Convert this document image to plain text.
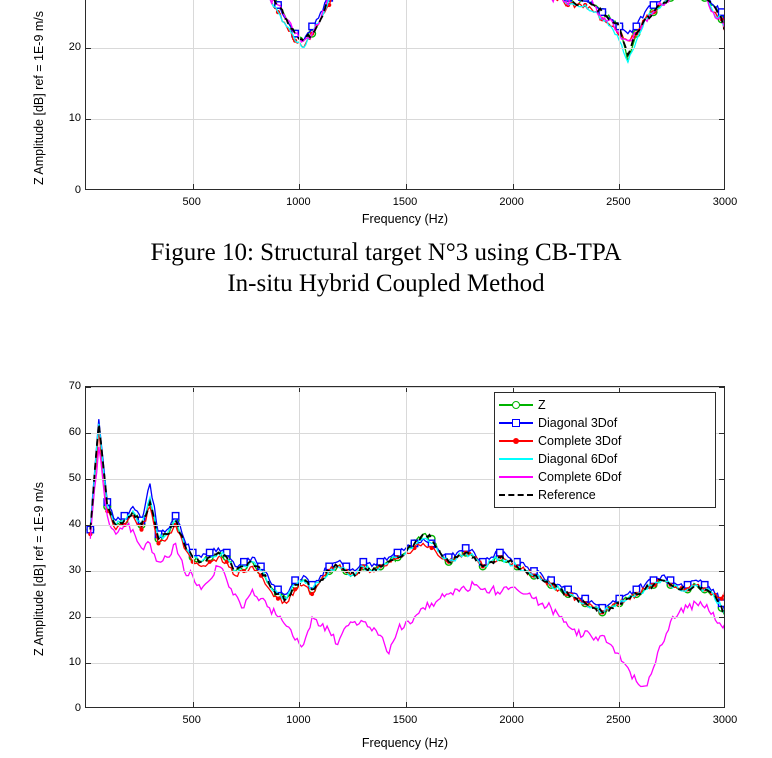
Z Amplitude [dB] ref = 1E-9 m/s
Frequency (Hz)
500	1000	1500	2000	2500	3000
0
10
20
Figure 10: Structural target N°3 using CB-TPA
In-situ Hybrid Coupled Method
Z Amplitude [dB] ref = 1E-9 m/s
Z
Diagonal 3Dof
Complete 3Dof
Diagonal 6Dof
Complete 6Dof
Reference
Frequency (Hz)
500	1000	1500	2000	2500	3000
0
10
20
30
40
50
60
70
